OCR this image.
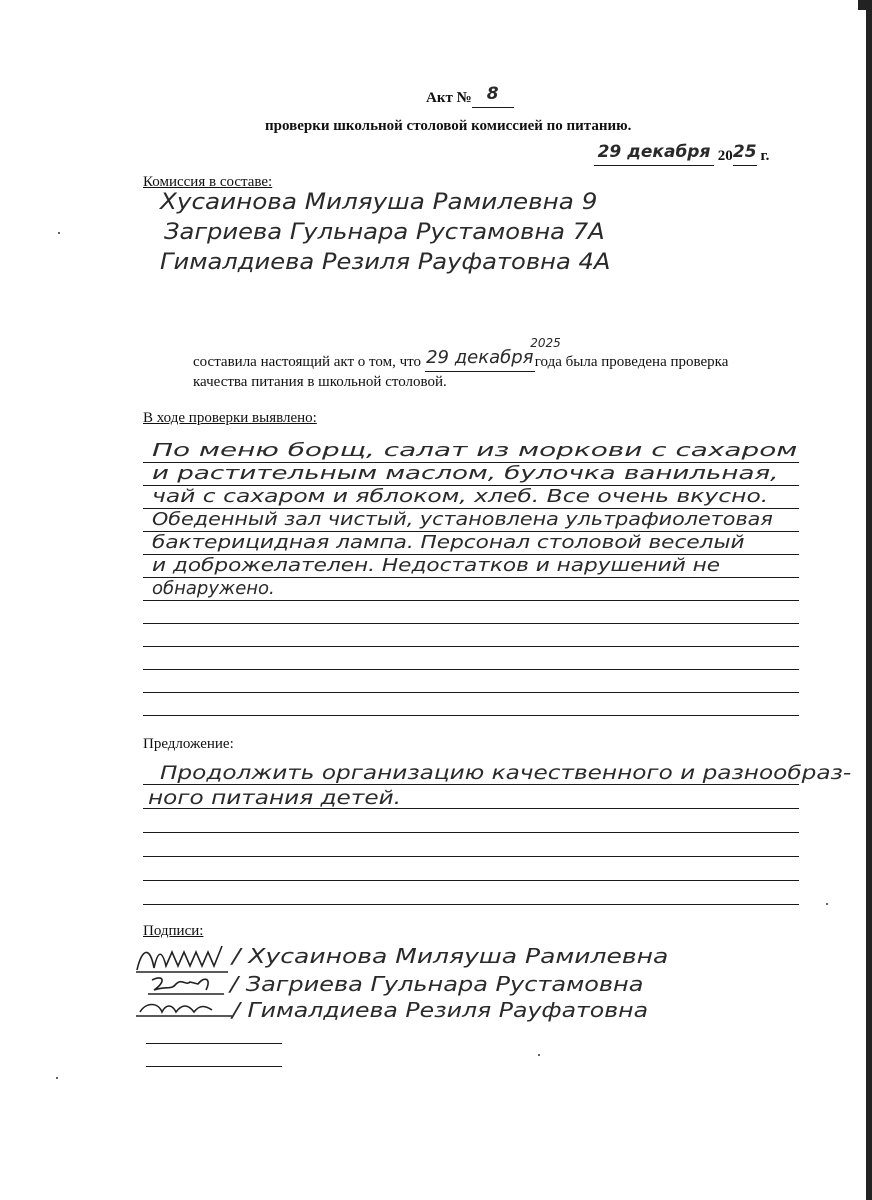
Акт № 8
проверки школьной столовой комиссией по питанию.
29 декабря 2025 г.
Комиссия в составе:
Хусаинова Миляуша Рамилевна 9
Загриева Гульнара Рустамовна 7А
Гималдиева Резиля Рауфатовна 4А
составила настоящий акт о том, что 29 декабря
2025
года была проведена проверка
качества питания в школьной столовой.
В ходе проверки выявлено:
По меню борщ, салат из моркови с сахаром
и растительным маслом, булочка ванильная,
чай с сахаром и яблоком, хлеб. Все очень вкусно.
Обеденный зал чистый, установлена ультрафиолетовая
бактерицидная лампа. Персонал столовой веселый
и доброжелателен. Недостатков и нарушений не
обнаружено.
Предложение:
Продолжить организацию качественного и разнообраз-
ного питания детей.
Подписи:
/ Хусаинова Миляуша Рамилевна
/ Загриева Гульнара Рустамовна
/ Гималдиева Резиля Рауфатовна
